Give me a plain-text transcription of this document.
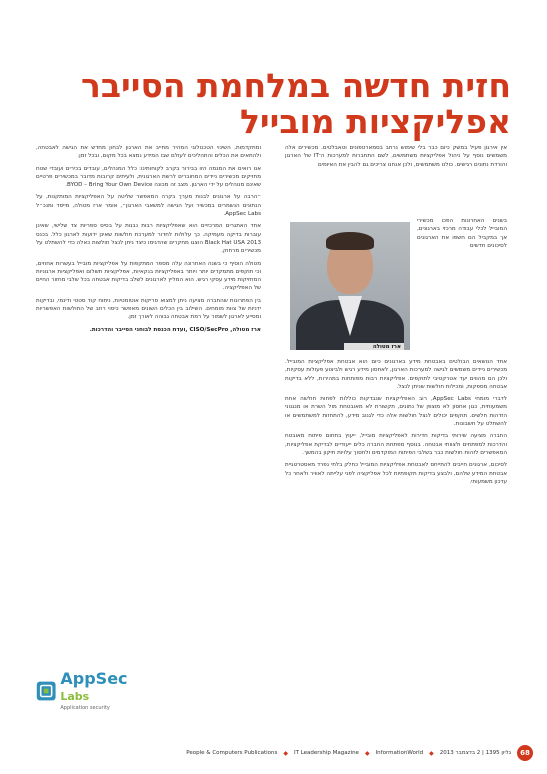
חזית חדשה במלחמת הסייבר אפליקציות מובייל
אין אירגון פעיל במשק כיום כבר בלי שימוש נרחב בסמארטפונים וטאבלטים. מכשירים אלה משמשים נוסף על ניהול אפליקציות משתמשים, לשם התחברות למערכות ה־IT של הארגון והורדת נתונים רגישים. כולנו משתמשים, ולכן אנחנו צריכים גם להבין את האיומים
בשנים האחרונות הפכו מכשירי המובייל לכלי עבודה מרכזי בארגונים, אך במקביל הם חשפו את הארגונים לסיכונים חדשים
ארז מטולה

אחד הנושאים הבולטים באבטחת מידע בארגונים כיום הוא אבטחת אפליקציות המובייל. מכשירים ניידים משמשים לגישה למערכות הארגון, לאחסון מידע רגיש ולביצוע פעולות עסקיות, ולכן הם מהווים יעד אטרקטיבי לתוקפים. אפליקציות רבות מפותחות במהירות, ללא בדיקות אבטחה מספקות, ומכילות חולשות שניתן לנצל.

לדברי מומחי AppSec Labs, רוב האפליקציות שנבדקות כוללות לפחות חולשה אחת משמעותית, כגון אחסון לא מוצפן של נתונים, תקשורת לא מאובטחת מול השרת או מנגנוני הזדהות חלשים. תוקפים יכולים לנצל חולשות אלה כדי לגנוב מידע, להתחזות למשתמשים או להשתלט על חשבונות.

החברה מציעה שירותי בדיקות חדירות לאפליקציות מובייל, ייעוץ בתחום פיתוח מאובטח והדרכות למפתחים ולצוותי אבטחה. בנוסף מפתחת החברה כלים ייעודיים לבדיקת אפליקציות, המאפשרים לזהות חולשות כבר בשלבי הפיתוח המוקדמים ולחסוך עלויות תיקון בהמשך.

לסיכום, ארגונים חייבים להתייחס לאבטחת אפליקציות המובייל כחלק בלתי נפרד מאסטרטגיית אבטחת המידע שלהם, ולבצע בדיקות תקופתיות לכל אפליקציה לפני עלייתה לאוויר ולאחר כל עדכון משמעותי.

ומתקדמות, השינוי הטכנולוגי המהיר מחייב את הארגון לבחון מחדש את הגישה לאבטחה, ולהתאים את הכלים והתהליכים לעולם שבו המידע נמצא בכל מקום, ובכל זמן.

אנו רואים את המגמה הזו בבירור בקרב לקוחותינו: כלל המנהלים, עובדים בכירים ועובדי שטח מחזיקים מכשירים ניידים המחוברים לרשת הארגונית, ולעיתים קרובות מדובר במכשירים פרטיים שאינם מנוהלים על ידי הארגון. מצב זה מכונה BYOD – Bring Your Own Device.

״הרבה על ארגונים לבנות מערך בקרה המאפשר שליטה על האפליקציות המותקנות, על הנתונים הנשמרים במכשיר ועל הגישה למשאבי הארגון״, אומר ארז מטולה, מייסד ומנכ״ל AppSec Labs.

אחד האתגרים המרכזיים הוא שאפליקציות רבות נבנות על בסיס ספריות צד שלישי, שאינן עוברות בדיקה מעמיקה. כך עלולות לחדור למערכת חולשות שאינן ידועות לארגון כלל. בכנס Black Hat USA 2013 הוצגו מחקרים שהדגימו כיצד ניתן לנצל חולשות כאלה כדי להשתלט על מכשירים מרחוק.

מטולה הוסיף כי בשנה האחרונה עלה מספר המתקפות על אפליקציות מובייל בעשרות אחוזים, וכי תוקפים מתמקדים יותר ויותר באפליקציות בנקאיות, אפליקציות תשלום ואפליקציות ארגוניות המחזיקות מידע עסקי רגיש. הוא המליץ לארגונים לשלב בדיקות אבטחה בכל שלבי מחזור החיים של האפליקציה.

בין הפתרונות שהחברה מציעה ניתן למצוא סריקות אוטומטיות, ניתוח קוד סטטי ודינמי, ובדיקות ידניות של צוות מומחים. השילוב בין הכלים השונים מאפשר כיסוי רחב של החולשות האפשריות ומסייע לארגון לשמור על רמת אבטחה גבוהה לאורך זמן.

ארז מטולה, CISO/SecPro ,ועדת הכנסת לבוחני הסייבר והדרכות.

AppSec Labs
Application security
People & Computers Publications ◆ IT Leadership Magazine ◆ InformationWorld ◆ גליון 1395 | 2 בדצמבר 2013	68
